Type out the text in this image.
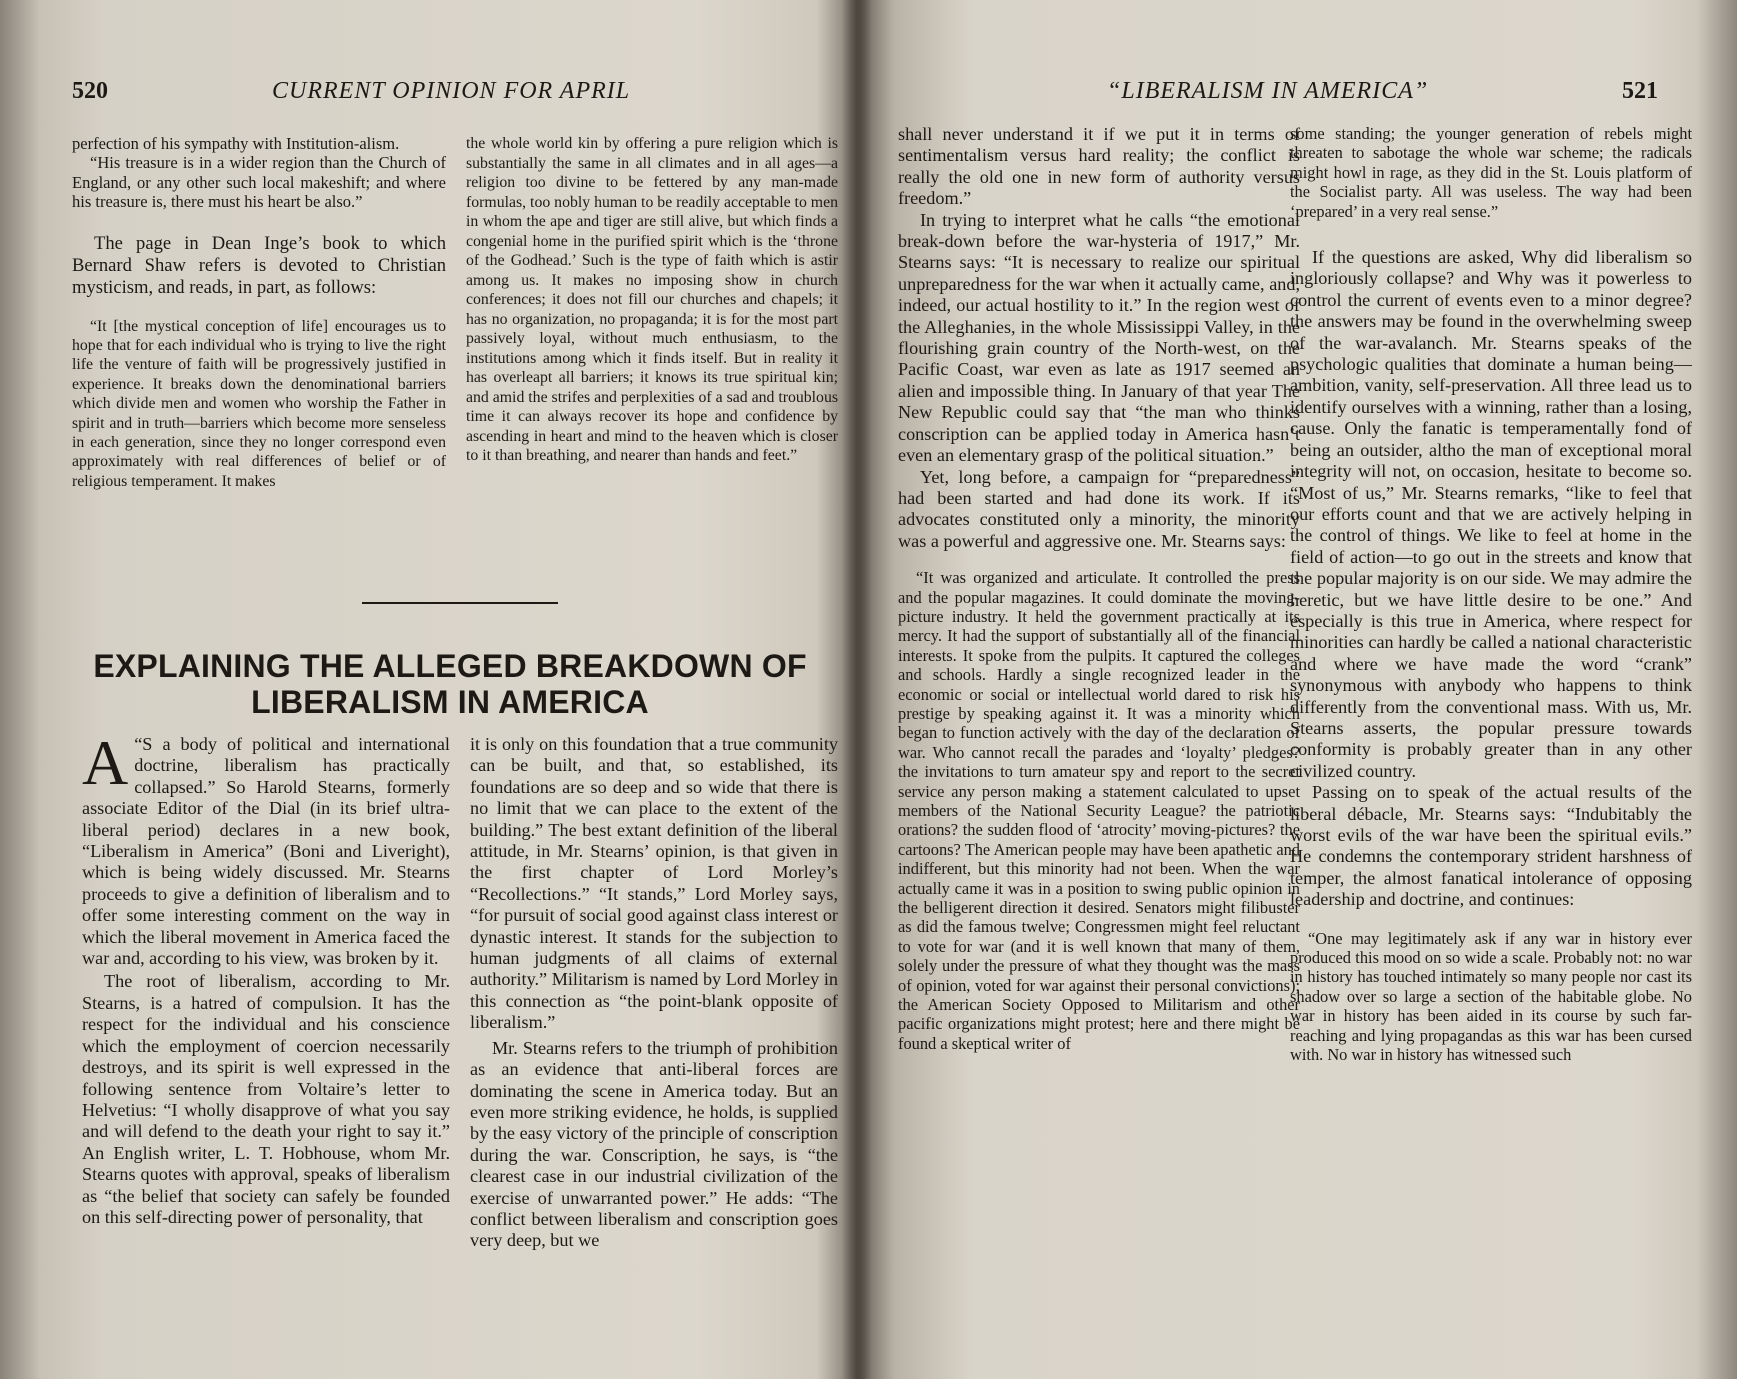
520	CURRENT OPINION FOR APRIL

perfection of his sympathy with Institution-alism.

“His treasure is in a wider region than the Church of England, or any other such local makeshift; and where his treasure is, there must his heart be also.”

The page in Dean Inge’s book to which Bernard Shaw refers is devoted to Christian mysticism, and reads, in part, as follows:

“It [the mystical conception of life] encourages us to hope that for each individual who is trying to live the right life the venture of faith will be progressively justified in experience. It breaks down the denominational barriers which divide men and women who worship the Father in spirit and in truth—barriers which become more senseless in each generation, since they no longer correspond even approximately with real differences of belief or of religious temperament. It makes

the whole world kin by offering a pure religion which is substantially the same in all climates and in all ages—a religion too divine to be fettered by any man-made formulas, too nobly human to be readily acceptable to men in whom the ape and tiger are still alive, but which finds a congenial home in the purified spirit which is the ‘throne of the Godhead.’ Such is the type of faith which is astir among us. It makes no imposing show in church conferences; it does not fill our churches and chapels; it has no organization, no propaganda; it is for the most part passively loyal, without much enthusiasm, to the institutions among which it finds itself. But in reality it has overleapt all barriers; it knows its true spiritual kin; and amid the strifes and perplexities of a sad and troublous time it can always recover its hope and confidence by ascending in heart and mind to the heaven which is closer to it than breathing, and nearer than hands and feet.”

EXPLAINING THE ALLEGED BREAKDOWN OF
LIBERALISM IN AMERICA

“
A S a body of political and international doctrine, liberalism has practically collapsed.” So Harold Stearns, formerly associate Editor of the Dial (in its brief ultra-liberal period) declares in a new book, “Liberalism in America” (Boni and Liveright), which is being widely discussed. Mr. Stearns proceeds to give a definition of liberalism and to offer some interesting comment on the way in which the liberal movement in America faced the war and, according to his view, was broken by it.

The root of liberalism, according to Mr. Stearns, is a hatred of compulsion. It has the respect for the individual and his conscience which the employment of coercion necessarily destroys, and its spirit is well expressed in the following sentence from Voltaire’s letter to Helvetius: “I wholly disapprove of what you say and will defend to the death your right to say it.” An English writer, L. T. Hobhouse, whom Mr. Stearns quotes with approval, speaks of liberalism as “the belief that society can safely be founded on this self-directing power of personality, that

it is only on this foundation that a true community can be built, and that, so established, its foundations are so deep and so wide that there is no limit that we can place to the extent of the building.” The best extant definition of the liberal attitude, in Mr. Stearns’ opinion, is that given in the first chapter of Lord Morley’s “Recollections.” “It stands,” Lord Morley says, “for pursuit of social good against class interest or dynastic interest. It stands for the subjection to human judgments of all claims of external authority.” Militarism is named by Lord Morley in this connection as “the point-blank opposite of liberalism.”

Mr. Stearns refers to the triumph of prohibition as an evidence that anti-liberal forces are dominating the scene in America today. But an even more striking evidence, he holds, is supplied by the easy victory of the principle of conscription during the war. Conscription, he says, is “the clearest case in our industrial civilization of the exercise of unwarranted power.” He adds: “The conflict between liberalism and conscription goes very deep, but we

“LIBERALISM IN AMERICA”	521

shall never understand it if we put it in terms of sentimentalism versus hard reality; the conflict is really the old one in new form of authority versus freedom.”

In trying to interpret what he calls “the emotional break-down before the war-hysteria of 1917,” Mr. Stearns says: “It is necessary to realize our spiritual unpreparedness for the war when it actually came, and, indeed, our actual hostility to it.” In the region west of the Alleghanies, in the whole Mississippi Valley, in the flourishing grain country of the North-west, on the Pacific Coast, war even as late as 1917 seemed an alien and impossible thing. In January of that year The New Republic could say that “the man who thinks conscription can be applied today in America hasn’t even an elementary grasp of the political situation.”

Yet, long before, a campaign for “preparedness” had been started and had done its work. If its advocates constituted only a minority, the minority was a powerful and aggressive one. Mr. Stearns says:

“It was organized and articulate. It controlled the press and the popular magazines. It could dominate the moving-picture industry. It held the government practically at its mercy. It had the support of substantially all of the financial interests. It spoke from the pulpits. It captured the colleges and schools. Hardly a single recognized leader in the economic or social or intellectual world dared to risk his prestige by speaking against it. It was a minority which began to function actively with the day of the declaration of war. Who cannot recall the parades and ‘loyalty’ pledges? the invitations to turn amateur spy and report to the secret service any person making a statement calculated to upset members of the National Security League? the patriotic orations? the sudden flood of ‘atrocity’ moving-pictures? the cartoons? The American people may have been apathetic and indifferent, but this minority had not been. When the war actually came it was in a position to swing public opinion in the belligerent direction it desired. Senators might filibuster as did the famous twelve; Congressmen might feel reluctant to vote for war (and it is well known that many of them, solely under the pressure of what they thought was the mass of opinion, voted for war against their personal convictions); the American Society Opposed to Militarism and other pacific organizations might protest; here and there might be found a skeptical writer of

some standing; the younger generation of rebels might threaten to sabotage the whole war scheme; the radicals might howl in rage, as they did in the St. Louis platform of the Socialist party. All was useless. The way had been ‘prepared’ in a very real sense.”

If the questions are asked, Why did liberalism so ingloriously collapse? and Why was it powerless to control the current of events even to a minor degree? the answers may be found in the overwhelming sweep of the war-avalanch. Mr. Stearns speaks of the psychologic qualities that dominate a human being—ambition, vanity, self-preservation. All three lead us to identify ourselves with a winning, rather than a losing, cause. Only the fanatic is temperamentally fond of being an outsider, altho the man of exceptional moral integrity will not, on occasion, hesitate to become so. “Most of us,” Mr. Stearns remarks, “like to feel that our efforts count and that we are actively helping in the control of things. We like to feel at home in the field of action—to go out in the streets and know that the popular majority is on our side. We may admire the heretic, but we have little desire to be one.” And especially is this true in America, where respect for minorities can hardly be called a national characteristic and where we have made the word “crank” synonymous with anybody who happens to think differently from the conventional mass. With us, Mr. Stearns asserts, the popular pressure towards conformity is probably greater than in any other civilized country.

Passing on to speak of the actual results of the liberal débacle, Mr. Stearns says: “Indubitably the worst evils of the war have been the spiritual evils.” He condemns the contemporary strident harshness of temper, the almost fanatical intolerance of opposing leadership and doctrine, and continues:

“One may legitimately ask if any war in history ever produced this mood on so wide a scale. Probably not: no war in history has touched intimately so many people nor cast its shadow over so large a section of the habitable globe. No war in history has been aided in its course by such far-reaching and lying propagandas as this war has been cursed with. No war in history has witnessed such
